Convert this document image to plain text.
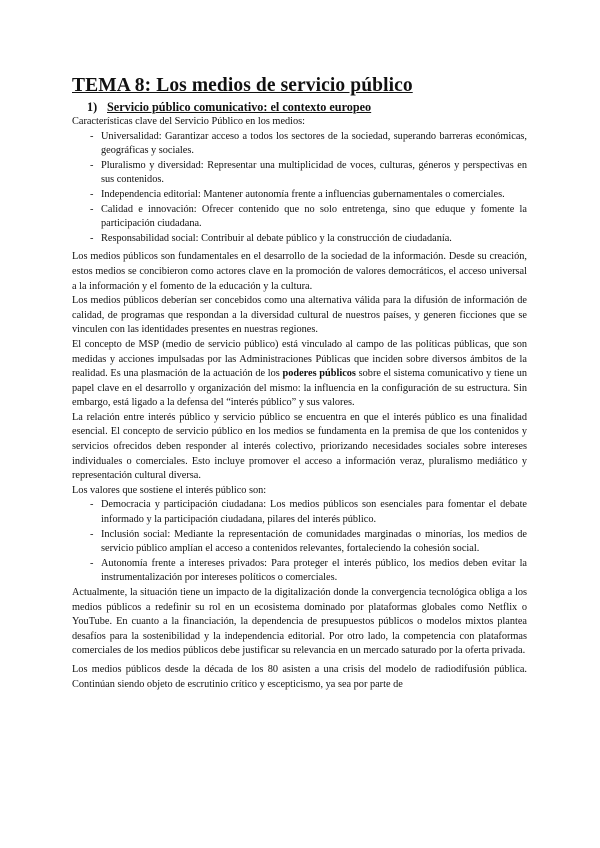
TEMA 8: Los medios de servicio público
1) Servicio público comunicativo: el contexto europeo

Características clave del Servicio Público en los medios:

- Universalidad: Garantizar acceso a todos los sectores de la sociedad, superando barreras económicas, geográficas y sociales.
- Pluralismo y diversidad: Representar una multiplicidad de voces, culturas, géneros y perspectivas en sus contenidos.
- Independencia editorial: Mantener autonomía frente a influencias gubernamentales o comerciales.
- Calidad e innovación: Ofrecer contenido que no solo entretenga, sino que eduque y fomente la participación ciudadana.
- Responsabilidad social: Contribuir al debate público y la construcción de ciudadanía.

Los medios públicos son fundamentales en el desarrollo de la sociedad de la información. Desde su creación, estos medios se concibieron como actores clave en la promoción de valores democráticos, el acceso universal a la información y el fomento de la educación y la cultura.

Los medios públicos deberían ser concebidos como una alternativa válida para la difusión de información de calidad, de programas que respondan a la diversidad cultural de nuestros países, y generen ficciones que se vinculen con las identidades presentes en nuestras regiones.

El concepto de MSP (medio de servicio público) está vinculado al campo de las políticas públicas, que son medidas y acciones impulsadas por las Administraciones Públicas que inciden sobre diversos ámbitos de la realidad. Es una plasmación de la actuación de los poderes públicos sobre el sistema comunicativo y tiene un papel clave en el desarrollo y organización del mismo: la influencia en la configuración de su estructura. Sin embargo, está ligado a la defensa del “interés público” y sus valores.

La relación entre interés público y servicio público se encuentra en que el interés público es una finalidad esencial. El concepto de servicio público en los medios se fundamenta en la premisa de que los contenidos y servicios ofrecidos deben responder al interés colectivo, priorizando necesidades sociales sobre intereses individuales o comerciales. Esto incluye promover el acceso a información veraz, pluralismo mediático y representación cultural diversa.

Los valores que sostiene el interés público son:

- Democracia y participación ciudadana: Los medios públicos son esenciales para fomentar el debate informado y la participación ciudadana, pilares del interés público.
- Inclusión social: Mediante la representación de comunidades marginadas o minorías, los medios de servicio público amplían el acceso a contenidos relevantes, fortaleciendo la cohesión social.
- Autonomía frente a intereses privados: Para proteger el interés público, los medios deben evitar la instrumentalización por intereses políticos o comerciales.

Actualmente, la situación tiene un impacto de la digitalización donde la convergencia tecnológica obliga a los medios públicos a redefinir su rol en un ecosistema dominado por plataformas globales como Netflix o YouTube. En cuanto a la financiación, la dependencia de presupuestos públicos o modelos mixtos plantea desafíos para la sostenibilidad y la independencia editorial. Por otro lado, la competencia con plataformas comerciales de los medios públicos debe justificar su relevancia en un mercado saturado por la oferta privada.

Los medios públicos desde la década de los 80 asisten a una crisis del modelo de radiodifusión pública. Continúan siendo objeto de escrutinio crítico y escepticismo, ya sea por parte de
